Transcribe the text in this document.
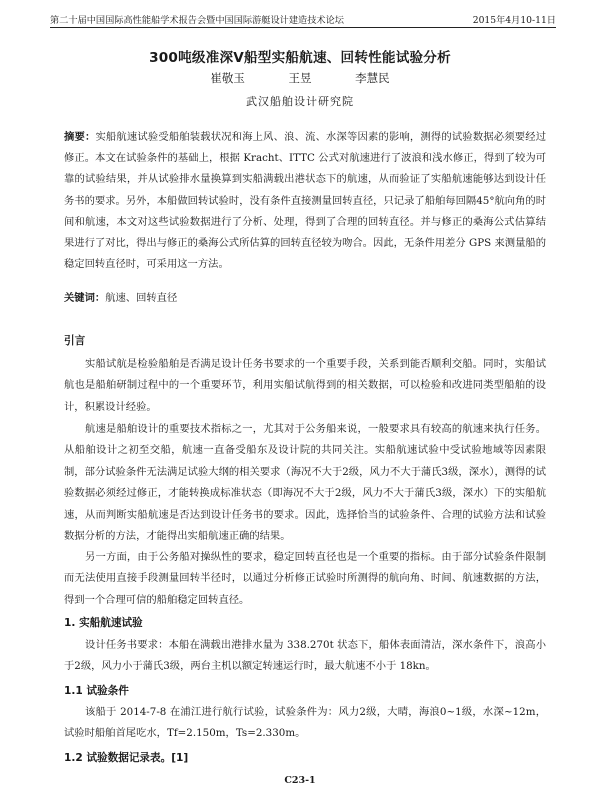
第二十届中国国际高性能船学术报告会暨中国国际游艇设计建造技术论坛	2015年4月10-11日
300吨级准深V船型实船航速、回转性能试验分析
崔敬玉	王昱	李慧民
武汉船舶设计研究院
摘要：实船航速试验受船舶装载状况和海上风、浪、流、水深等因素的影响，测得的试验数据必须要经过修正。本文在试验条件的基础上，根据 Kracht、ITTC 公式对航速进行了波浪和浅水修正，得到了较为可靠的试验结果，并从试验排水量换算到实船满载出港状态下的航速，从而验证了实船航速能够达到设计任务书的要求。另外，本船做回转试验时，没有条件直接测量回转直径，只记录了船舶每回隔45°航向角的时间和航速，本文对这些试验数据进行了分析、处理，得到了合理的回转直径。并与修正的桑海公式估算结果进行了对比，得出与修正的桑海公式所估算的回转直径较为吻合。因此，无条件用差分 GPS 来测量船的稳定回转直径时，可采用这一方法。
关键词：航速、回转直径
引言
实船试航是检验船舶是否满足设计任务书要求的一个重要手段，关系到能否顺利交船。同时，实船试航也是船舶研制过程中的一个重要环节，利用实船试航得到的相关数据，可以检验和改进同类型船舶的设计，积累设计经验。
航速是船舶设计的重要技术指标之一，尤其对于公务船来说，一般要求具有较高的航速来执行任务。从船舶设计之初至交船，航速一直备受船东及设计院的共同关注。实船航速试验中受试验地域等因素限制，部分试验条件无法满足试验大纲的相关要求（海况不大于2级，风力不大于蒲氏3级，深水），测得的试验数据必须经过修正，才能转换成标准状态（即海况不大于2级，风力不大于蒲氏3级，深水）下的实船航速，从而判断实船航速是否达到设计任务书的要求。因此，选择恰当的试验条件、合理的试验方法和试验数据分析的方法，才能得出实船航速正确的结果。
另一方面，由于公务船对操纵性的要求，稳定回转直径也是一个重要的指标。由于部分试验条件限制而无法使用直接手段测量回转半径时，以通过分析修正试验时所测得的航向角、时间、航速数据的方法，得到一个合理可信的船舶稳定回转直径。
1. 实船航速试验
设计任务书要求：本船在满载出港排水量为 338.270t 状态下，船体表面清洁，深水条件下，浪高小于2级，风力小于蒲氏3级，两台主机以额定转速运行时，最大航速不小于 18kn。
1.1 试验条件
该船于 2014-7-8 在浦江进行航行试验，试验条件为：风力2级，大晴，海浪0~1级，水深~12m，试验时船舶首尾吃水，Tf=2.150m，Ts=2.330m。
1.2 试验数据记录表。[1]
C23-1
